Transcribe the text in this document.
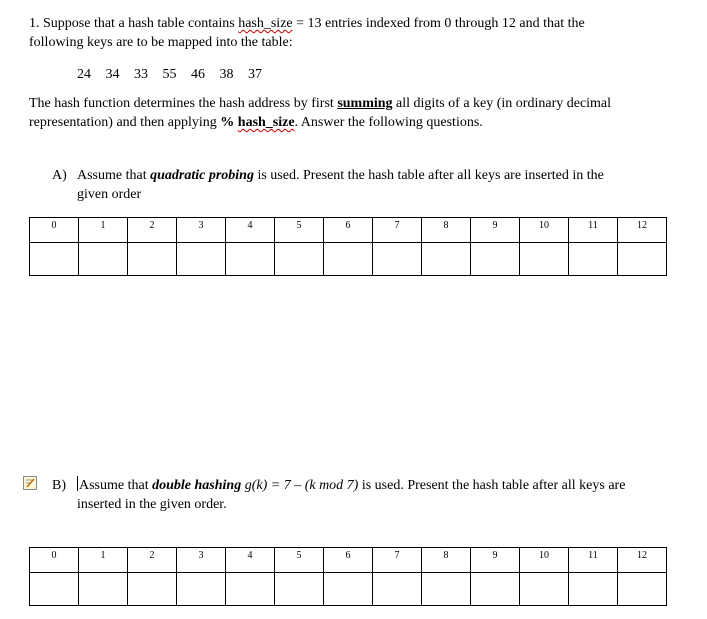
1. Suppose that a hash table contains hash_size = 13 entries indexed from 0 through 12 and that the
following keys are to be mapped into the table:
24 34 33 55 46 38 37
The hash function determines the hash address by first summing all digits of a key (in ordinary decimal
representation) and then applying % hash_size. Answer the following questions.
A) Assume that quadratic probing is used. Present the hash table after all keys are inserted in the
given order
0	1	2	3	4	5	6	7	8	9	10	11	12

B) Assume that double hashing g(k) = 7 – (k mod 7) is used. Present the hash table after all keys are
inserted in the given order.
0	1	2	3	4	5	6	7	8	9	10	11	12
